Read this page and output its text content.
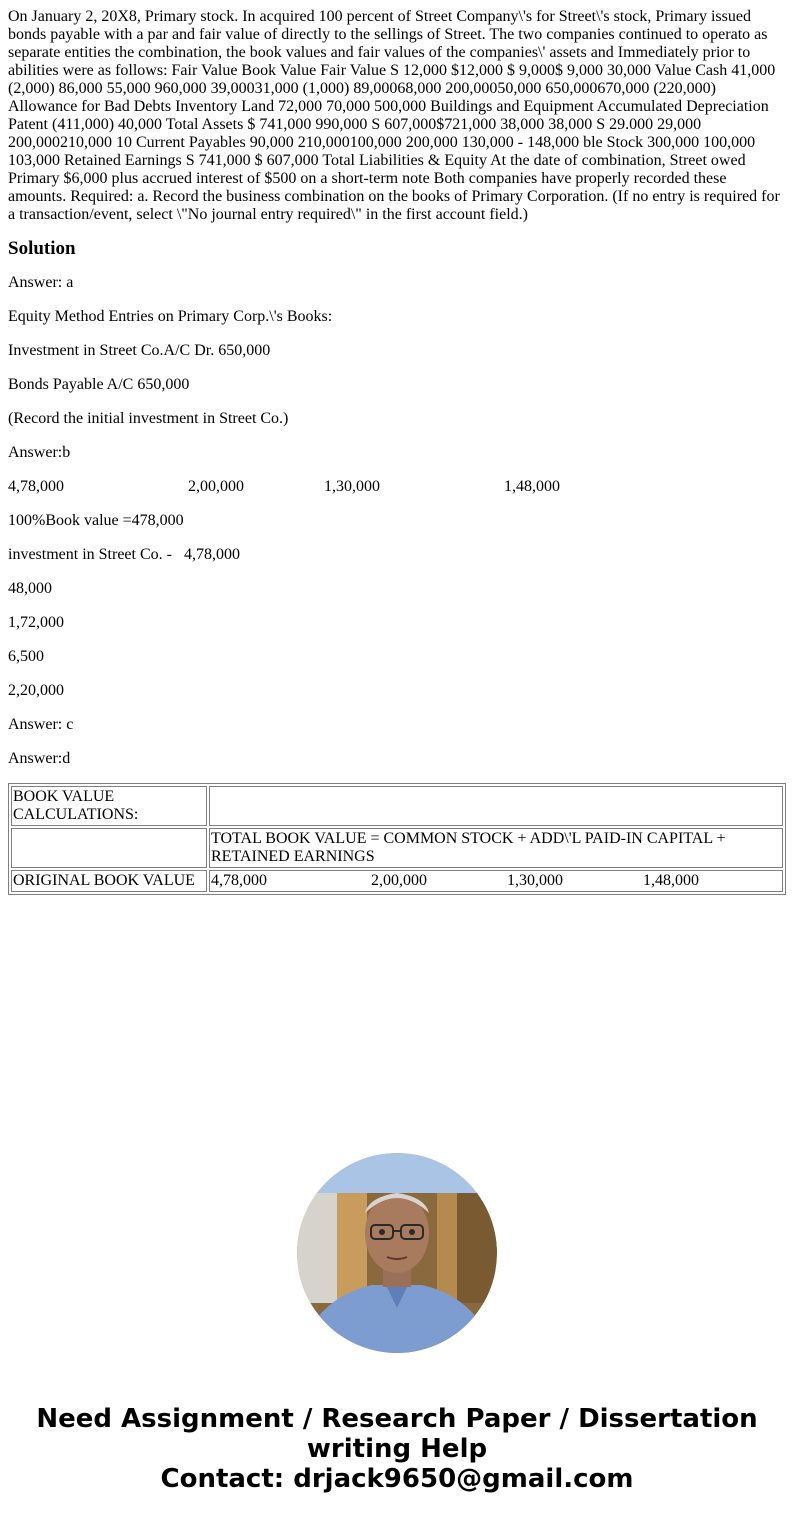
On January 2, 20X8, Primary stock. In acquired 100 percent of Street Company\'s for Street\'s stock, Primary issued bonds payable with a par and fair value of directly to the sellings of Street. The two companies continued to operato as separate entities the combination, the book values and fair values of the companies\' assets and Immediately prior to abilities were as follows: Fair Value Book Value Fair Value S 12,000 $12,000 $ 9,000$ 9,000 30,000 Value Cash 41,000 (2,000) 86,000 55,000 960,000 39,00031,000 (1,000) 89,00068,000 200,00050,000 650,000670,000 (220,000) Allowance for Bad Debts Inventory Land 72,000 70,000 500,000 Buildings and Equipment Accumulated Depreciation Patent (411,000) 40,000 Total Assets $ 741,000 990,000 S 607,000$721,000 38,000 38,000 S 29.000 29,000 200,000210,000 10 Current Payables 90,000 210,000100,000 200,000 130,000 - 148,000 ble Stock 300,000 100,000 103,000 Retained Earnings S 741,000 $ 607,000 Total Liabilities & Equity At the date of combination, Street owed Primary $6,000 plus accrued interest of $500 on a short-term note Both companies have properly recorded these amounts. Required: a. Record the business combination on the books of Primary Corporation. (If no entry is required for a transaction/event, select \"No journal entry required\" in the first account field.)
Solution

Answer: a

Equity Method Entries on Primary Corp.\'s Books:

Investment in Street Co.A/C Dr. 650,000

Bonds Payable A/C 650,000

(Record the initial investment in Street Co.)

Answer:b

4,78,000                               2,00,000                    1,30,000                               1,48,000

100%Book value =478,000

investment in Street Co. -   4,78,000

48,000

1,72,000

6,500

2,20,000

Answer: c

Answer:d

BOOK VALUE CALCULATIONS:	
	TOTAL BOOK VALUE = COMMON STOCK + ADD\'L PAID-IN CAPITAL + RETAINED EARNINGS
ORIGINAL BOOK VALUE	4,78,000                          2,00,000                    1,30,000                    1,48,000
Need Assignment / Research Paper / Dissertation
writing Help
Contact: drjack9650@gmail.com
